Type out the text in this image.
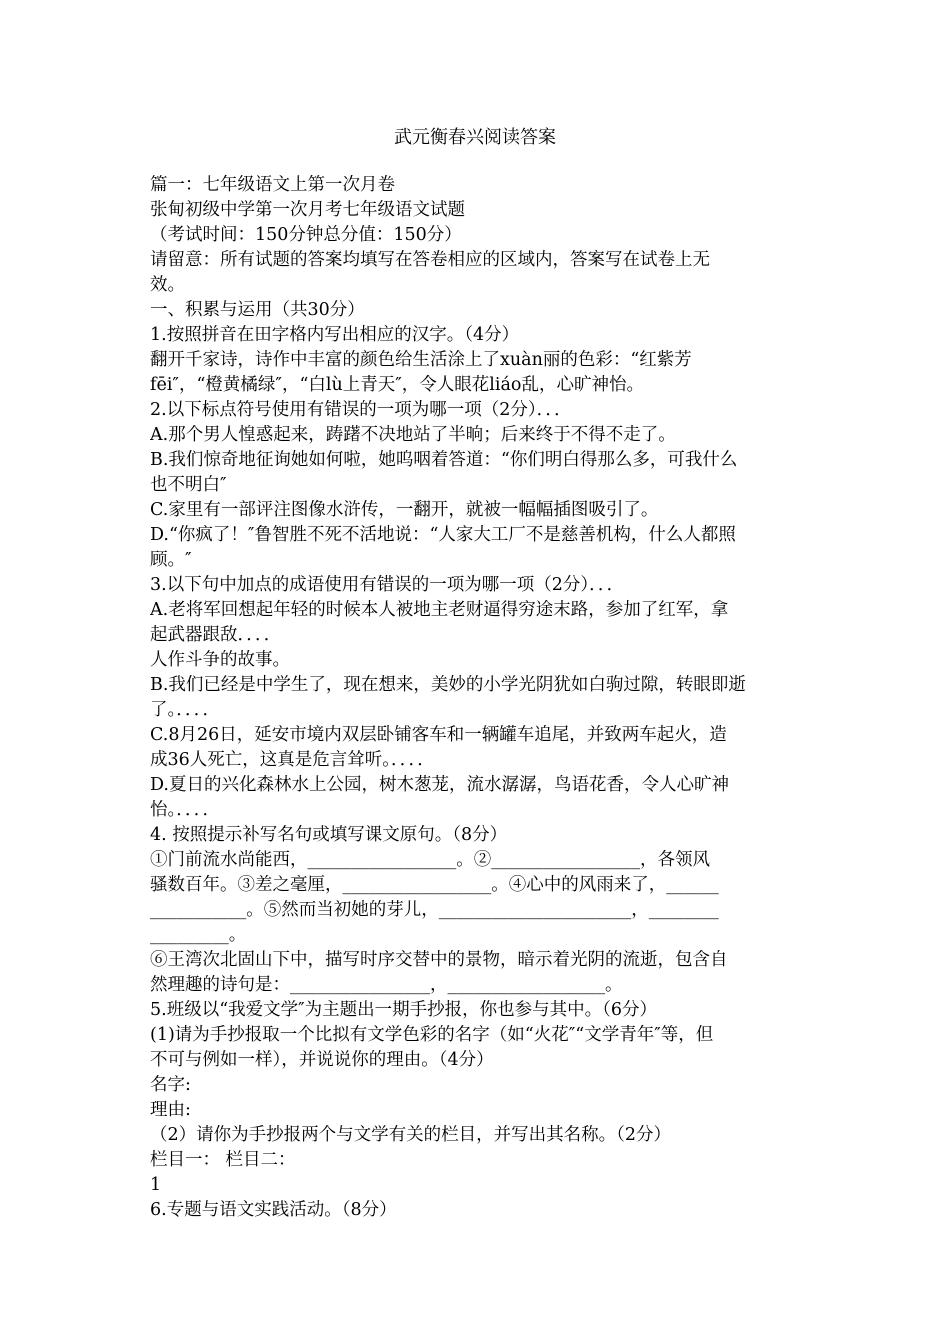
武元衡春兴阅读答案
篇一：七年级语文上第一次月卷
张甸初级中学第一次月考七年级语文试题
（考试时间：150分钟总分值：150分）
请留意：所有试题的答案均填写在答卷相应的区域内，答案写在试卷上无
效。
一、积累与运用（共30分）
1.按照拼音在田字格内写出相应的汉字。（4分）
翻开千家诗，诗作中丰富的颜色给生活涂上了xuàn丽的色彩：“红紫芳
fēi″，“橙黄橘绿″，“白lù上青天″，令人眼花liáo乱，心旷神怡。
2.以下标点符号使用有错误的一项为哪一项（2分）．．．
A.那个男人惶惑起来，踌躇不决地站了半晌；后来终于不得不走了。
B.我们惊奇地征询她如何啦，她呜咽着答道：“你们明白得那么多，可我什么
也不明白″
C.家里有一部评注图像水浒传，一翻开，就被一幅幅插图吸引了。
D.“你疯了！″鲁智胜不死不活地说：“人家大工厂不是慈善机构，什么人都照
顾。″
3.以下句中加点的成语使用有错误的一项为哪一项（2分）．．．
A.老将军回想起年轻的时候本人被地主老财逼得穷途末路，参加了红军，拿
起武器跟敌．．．．
人作斗争的故事。
B.我们已经是中学生了，现在想来，美妙的小学光阴犹如白驹过隙，转眼即逝
了。．．．．
C.8月26日，延安市境内双层卧铺客车和一辆罐车追尾，并致两车起火，造
成36人死亡，这真是危言耸听。．．．．
D.夏日的兴化森林水上公园，树木葱茏，流水潺潺，鸟语花香，令人心旷神
怡。．．．．
4. 按照提示补写名句或填写课文原句。（8分）
①门前流水尚能西，_________________。②_________________，各领风
骚数百年。③差之毫厘，_________________。④心中的风雨来了，______
___________。⑤然而当初她的芽儿，______________________，________
_________。
⑥王湾次北固山下中，描写时序交替中的景物，暗示着光阴的流逝，包含自
然理趣的诗句是：________________，__________________。
5.班级以“我爱文学″为主题出一期手抄报，你也参与其中。（6分）
(1)请为手抄报取一个比拟有文学色彩的名字（如“火花″“文学青年″等，但
不可与例如一样），并说说你的理由。（4分）
名字:
理由:
（2）请你为手抄报两个与文学有关的栏目，并写出其名称。（2分）
栏目一： 栏目二：
1
6.专题与语文实践活动。（8分）
